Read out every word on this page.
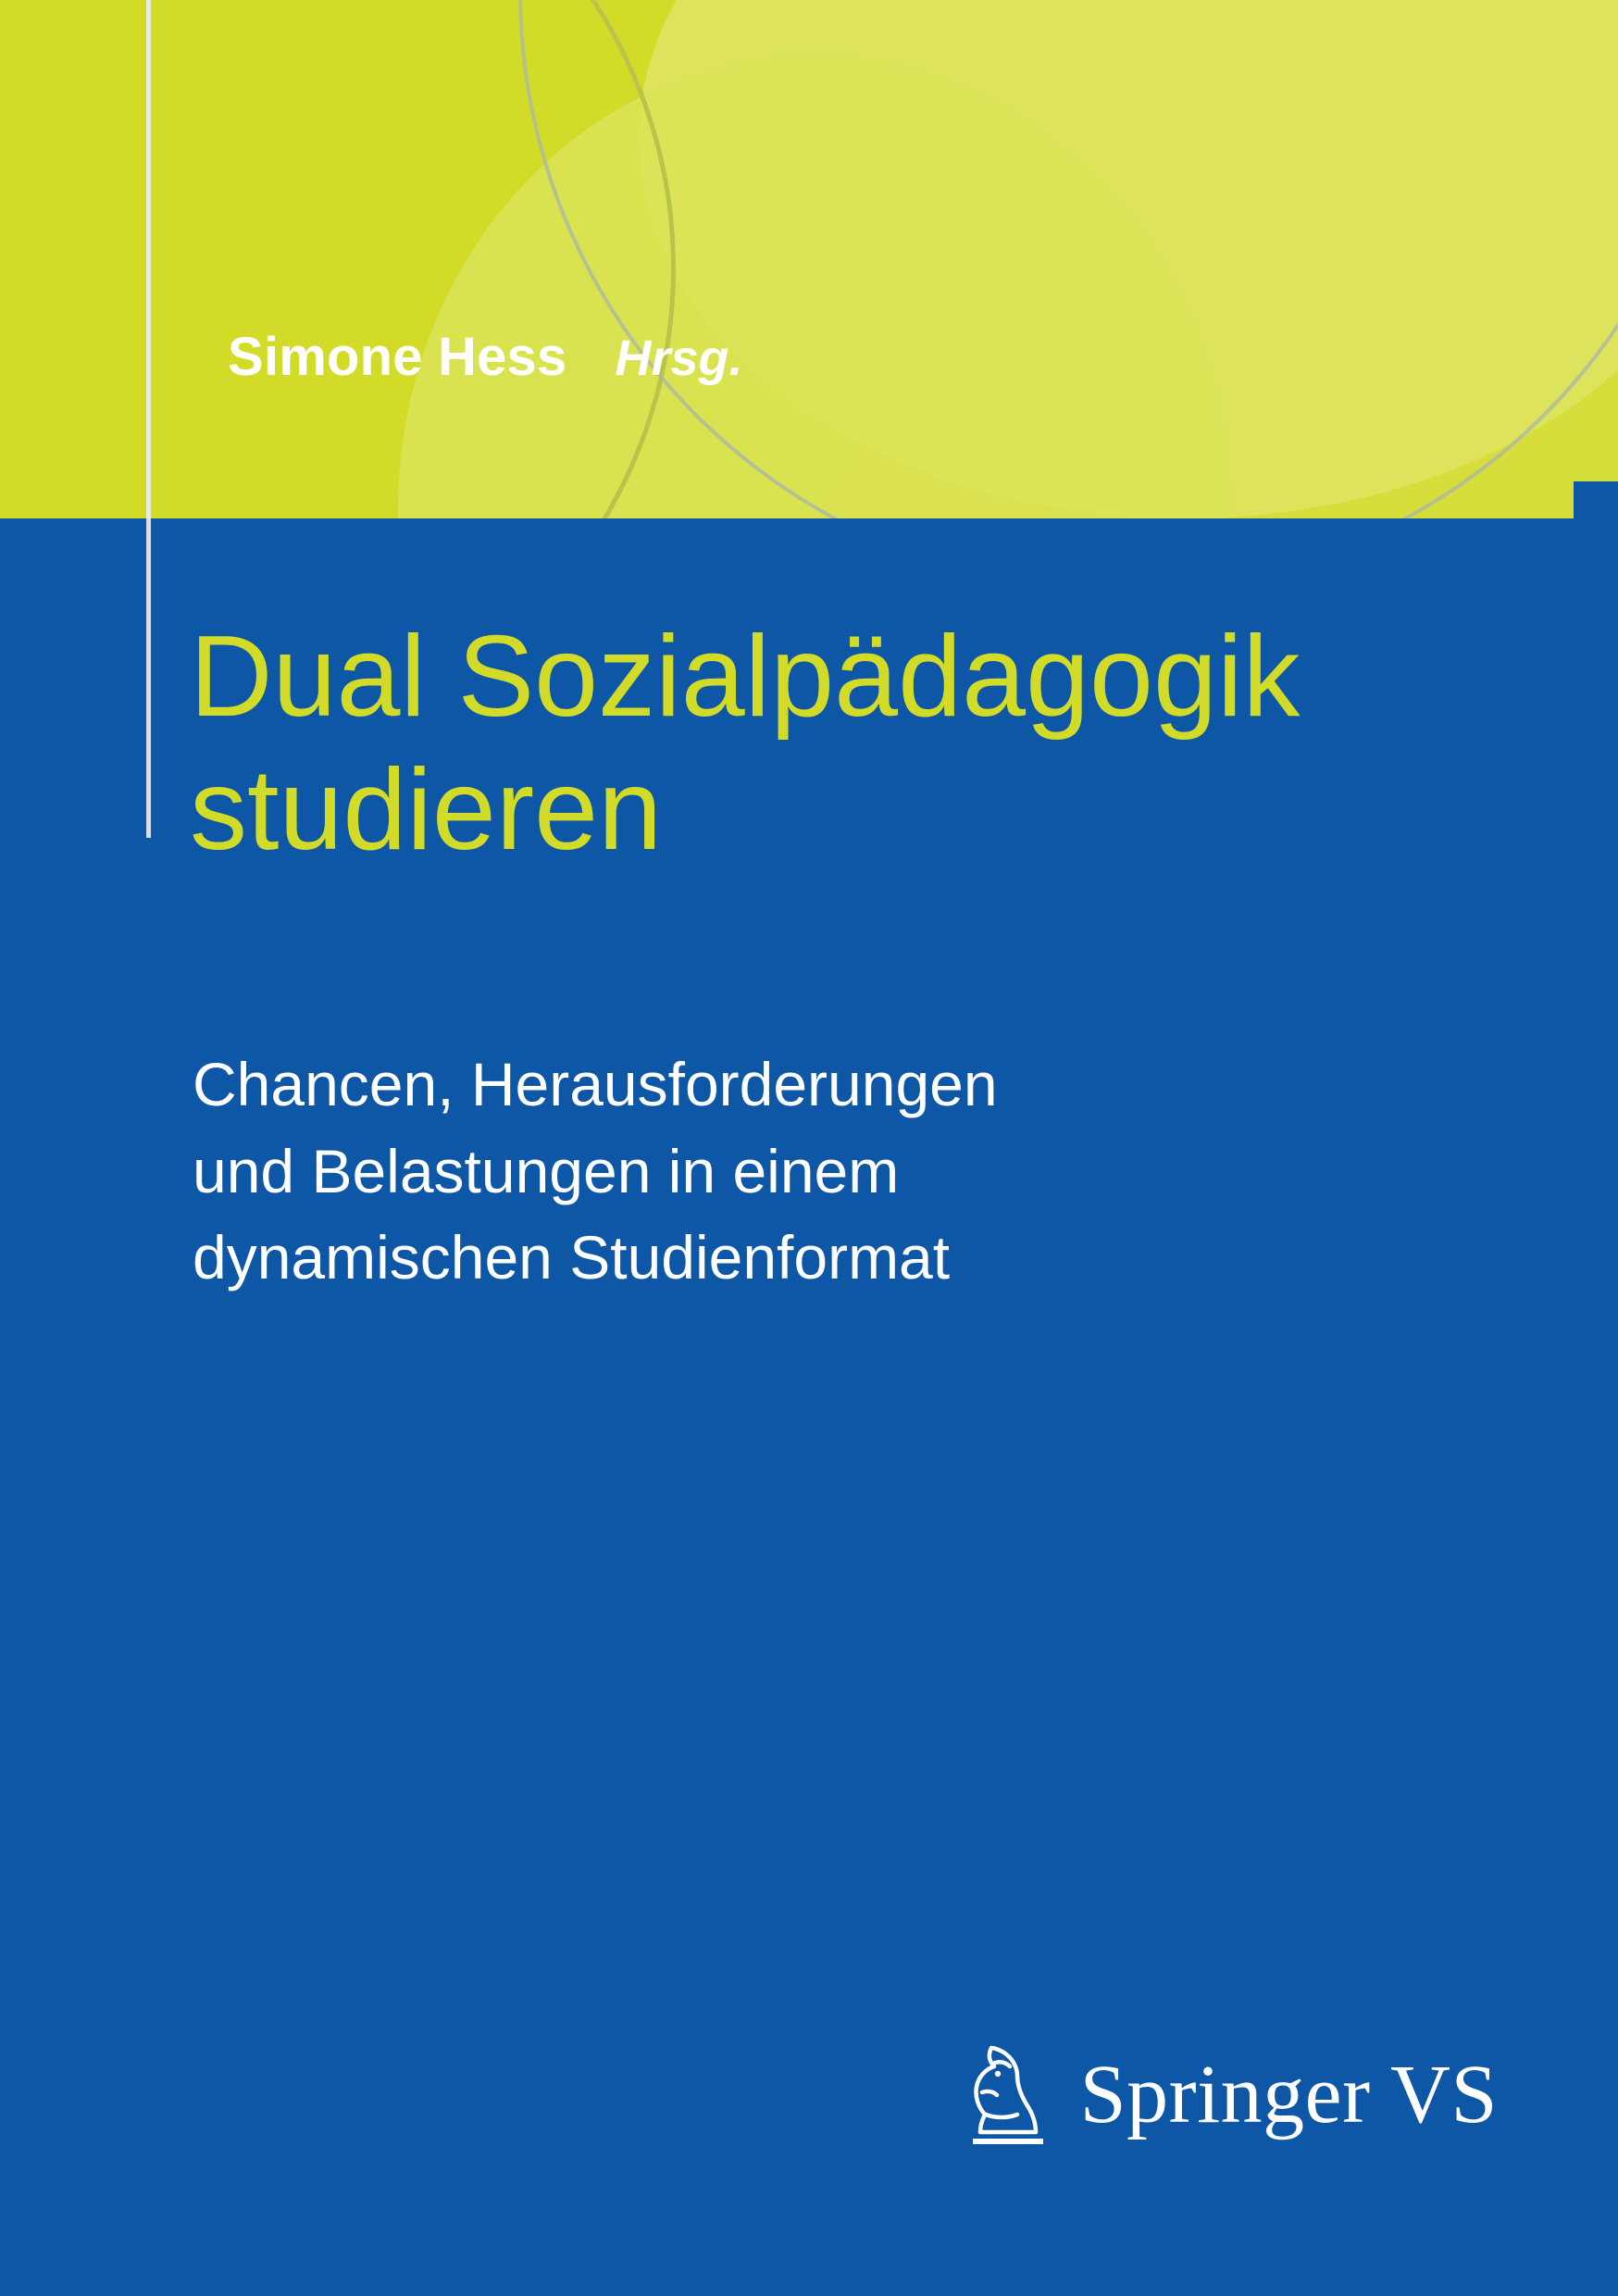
Simone Hess Hrsg.
Dual Sozialpädagogik
studieren
Chancen, Herausforderungen
und Belastungen in einem
dynamischen Studienformat
Springer VS
